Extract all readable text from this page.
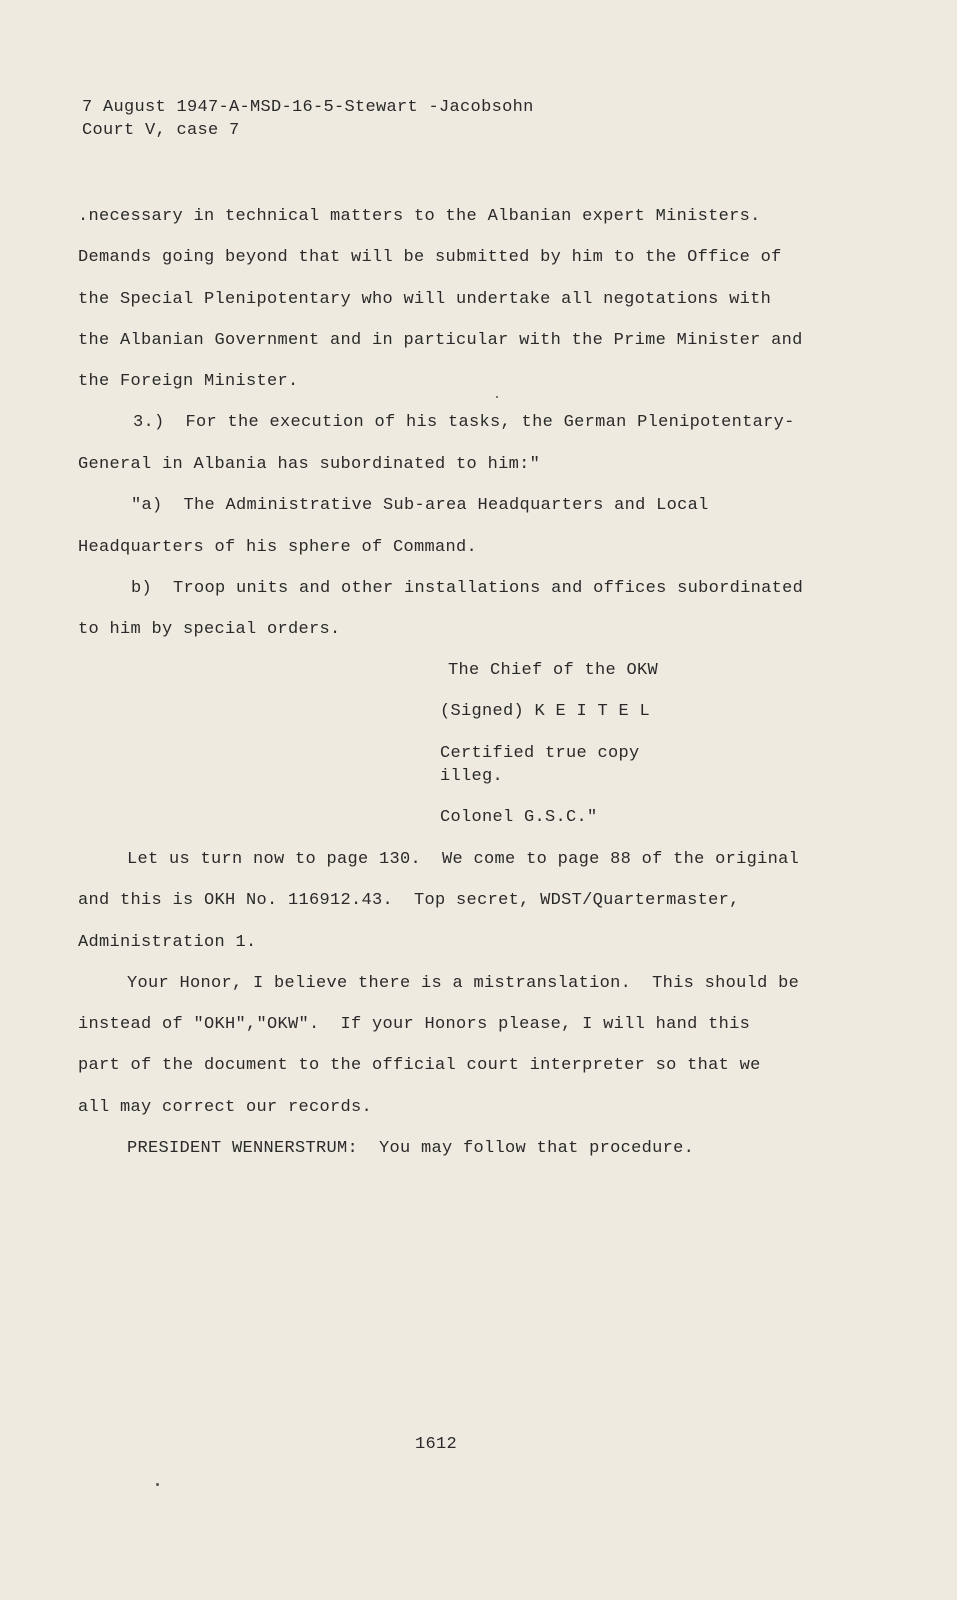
7 August 1947-A-MSD-16-5-Stewart -Jacobsohn
Court V, case 7
.necessary in technical matters to the Albanian expert Ministers.
Demands going beyond that will be submitted by him to the Office of
the Special Plenipotentary who will undertake all negotations with
the Albanian Government and in particular with the Prime Minister and
the Foreign Minister.
3.)  For the execution of his tasks, the German Plenipotentary-
General in Albania has subordinated to him:"
"a)  The Administrative Sub-area Headquarters and Local
Headquarters of his sphere of Command.
b)  Troop units and other installations and offices subordinated
to him by special orders.
The Chief of the OKW
(Signed) K E I T E L
Certified true copy
illeg.
Colonel G.S.C."
Let us turn now to page 130.  We come to page 88 of the original
and this is OKH No. 116912.43.  Top secret, WDST/Quartermaster,
Administration 1.
Your Honor, I believe there is a mistranslation.  This should be
instead of "OKH","OKW".  If your Honors please, I will hand this
part of the document to the official court interpreter so that we
all may correct our records.
PRESIDENT WENNERSTRUM:  You may follow that procedure.
1612
